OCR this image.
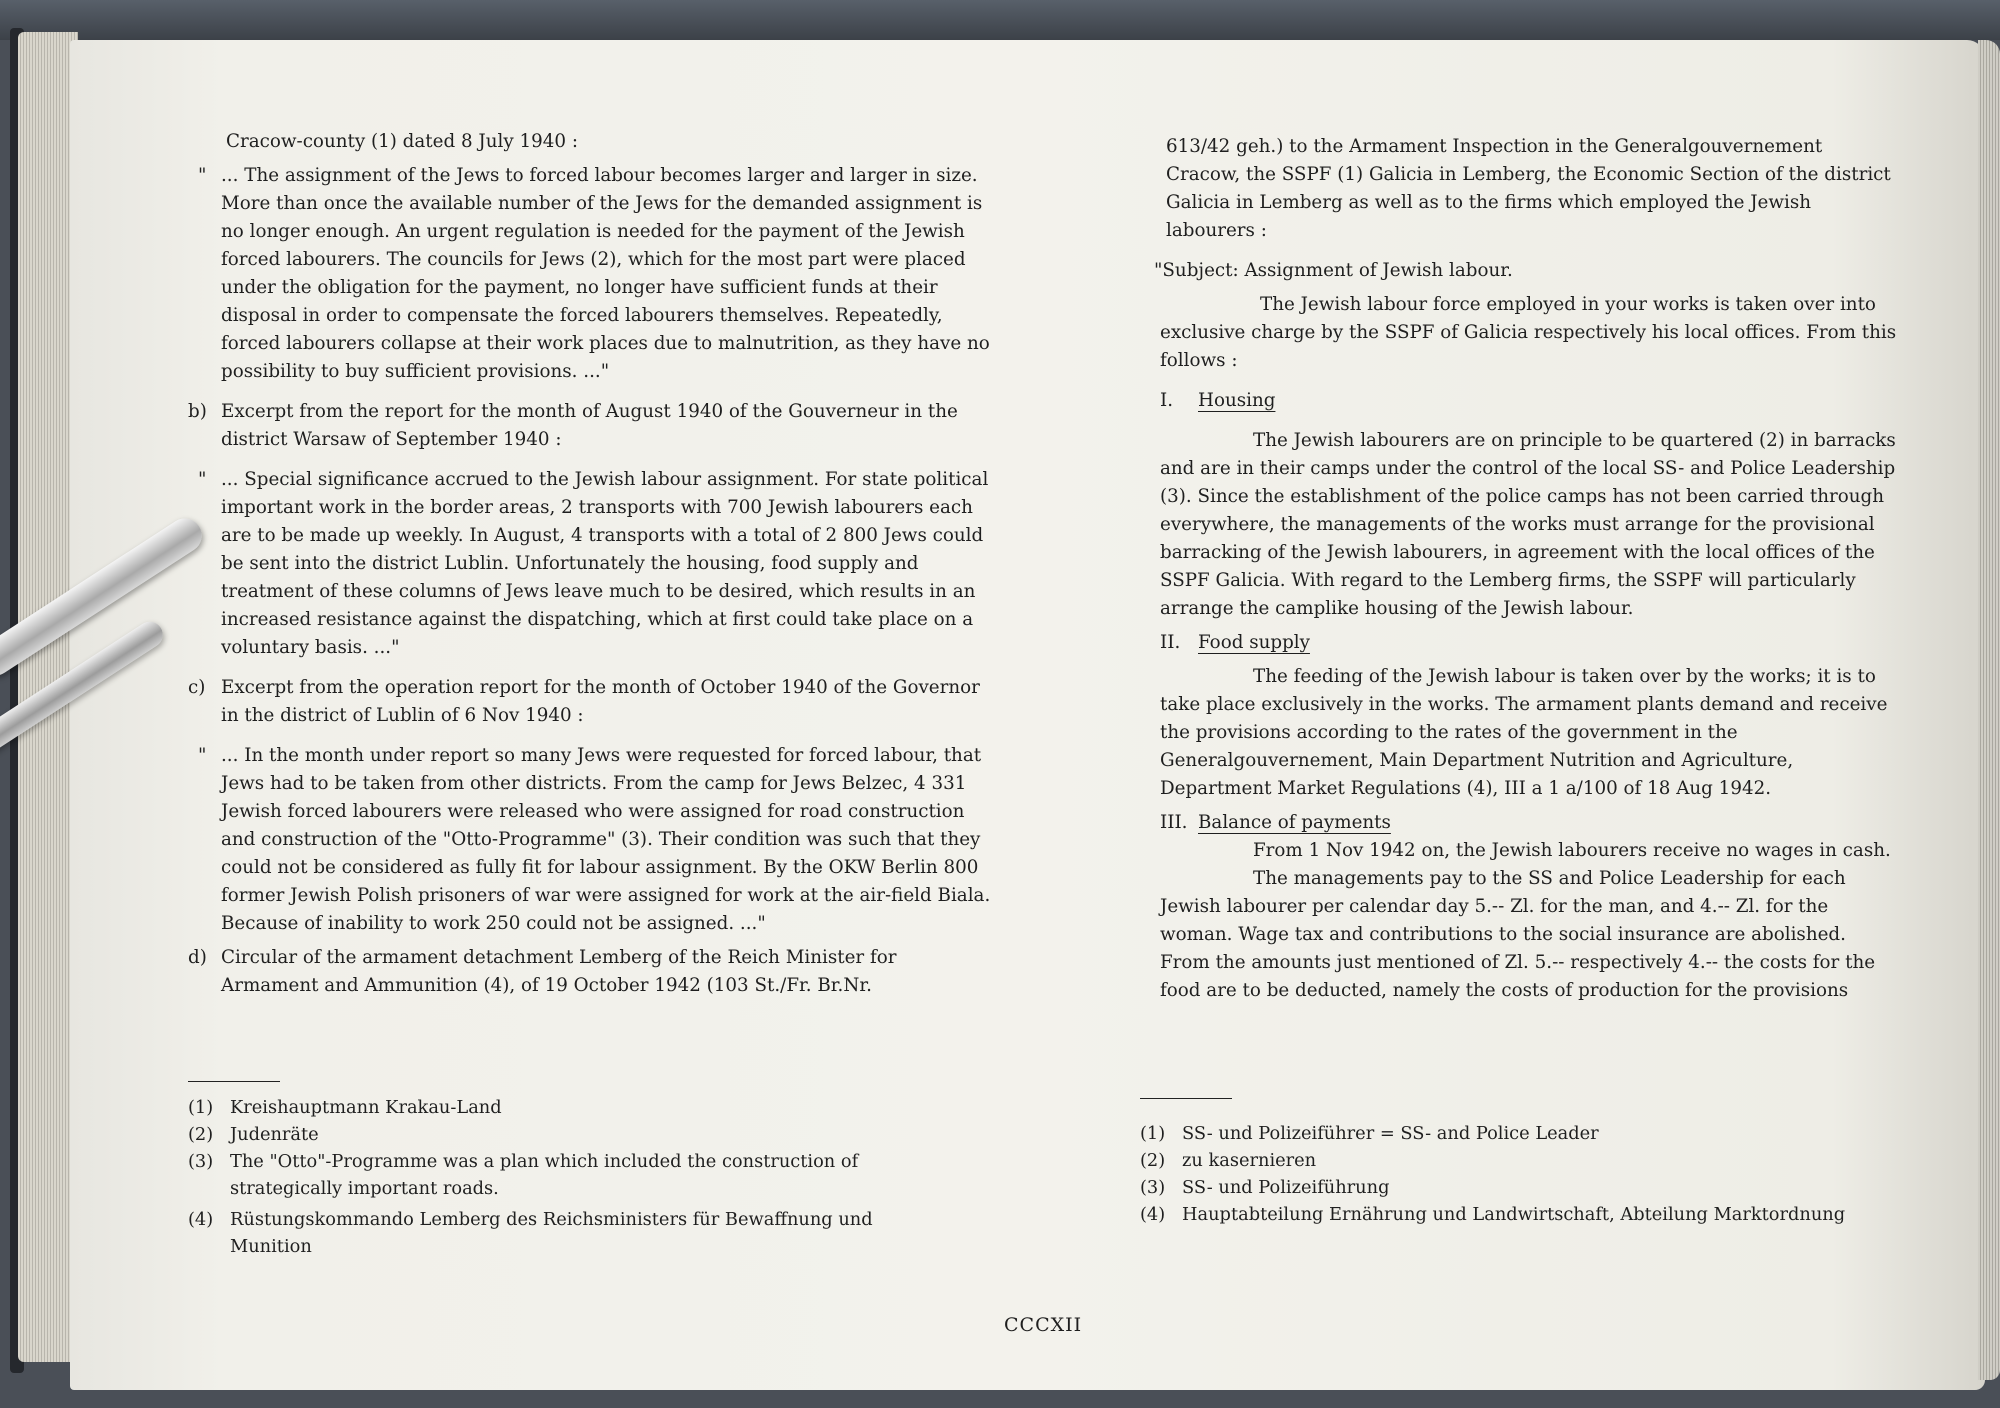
Cracow-county (1) dated 8 July 1940 :

" ... The assignment of the Jews to forced labour becomes larger and larger in size. More than once the available number of the Jews for the demanded assignment is no longer enough. An urgent regulation is needed for the payment of the Jewish forced labourers. The councils for Jews (2), which for the most part were placed under the obligation for the payment, no longer have sufficient funds at their disposal in order to compensate the forced labourers themselves. Repeatedly, forced labourers collapse at their work places due to malnutrition, as they have no possibility to buy sufficient provisions. ..."

b) Excerpt from the report for the month of August 1940 of the Gouverneur in the district Warsaw of September 1940 :

" ... Special significance accrued to the Jewish labour assignment. For state political important work in the border areas, 2 transports with 700 Jewish labourers each are to be made up weekly. In August, 4 transports with a total of 2 800 Jews could be sent into the district Lublin. Unfortunately the housing, food supply and treatment of these columns of Jews leave much to be desired, which results in an increased resistance against the dispatching, which at first could take place on a voluntary basis. ..."

c) Excerpt from the operation report for the month of October 1940 of the Governor in the district of Lublin of 6 Nov 1940 :

" ... In the month under report so many Jews were requested for forced labour, that Jews had to be taken from other districts. From the camp for Jews Belzec, 4 331 Jewish forced labourers were released who were assigned for road construction and construction of the "Otto-Programme" (3). Their condition was such that they could not be considered as fully fit for labour assignment. By the OKW Berlin 800 former Jewish Polish prisoners of war were assigned for work at the air-field Biala. Because of inability to work 250 could not be assigned. ..."

d) Circular of the armament detachment Lemberg of the Reich Minister for Armament and Ammunition (4), of 19 October 1942 (103 St./Fr. Br.Nr.

(1) Kreishauptmann Krakau-Land
(2) Judenräte
(3) The "Otto"-Programme was a plan which included the construction of strategically important roads.
(4) Rüstungskommando Lemberg des Reichsministers für Bewaffnung und Munition

613/42 geh.) to the Armament Inspection in the Generalgouvernement Cracow, the SSPF (1) Galicia in Lemberg, the Economic Section of the district Galicia in Lemberg as well as to the firms which employed the Jewish labourers :

"Subject: Assignment of Jewish labour.

The Jewish labour force employed in your works is taken over into exclusive charge by the SSPF of Galicia respectively his local offices. From this follows :

I. Housing

The Jewish labourers are on principle to be quartered (2) in barracks and are in their camps under the control of the local SS- and Police Leadership (3). Since the establishment of the police camps has not been carried through everywhere, the managements of the works must arrange for the provisional barracking of the Jewish labourers, in agreement with the local offices of the SSPF Galicia. With regard to the Lemberg firms, the SSPF will particularly arrange the camplike housing of the Jewish labour.

II. Food supply

The feeding of the Jewish labour is taken over by the works; it is to take place exclusively in the works. The armament plants demand and receive the provisions according to the rates of the government in the Generalgouvernement, Main Department Nutrition and Agriculture, Department Market Regulations (4), III a 1 a/100 of 18 Aug 1942.

III. Balance of payments

From 1 Nov 1942 on, the Jewish labourers receive no wages in cash.

The managements pay to the SS and Police Leadership for each Jewish labourer per calendar day 5.-- Zl. for the man, and 4.-- Zl. for the woman. Wage tax and contributions to the social insurance are abolished. From the amounts just mentioned of Zl. 5.-- respectively 4.-- the costs for the food are to be deducted, namely the costs of production for the provisions

(1) SS- und Polizeiführer = SS- and Police Leader
(2) zu kasernieren
(3) SS- und Polizeiführung
(4) Hauptabteilung Ernährung und Landwirtschaft, Abteilung Marktordnung
CCCXII
